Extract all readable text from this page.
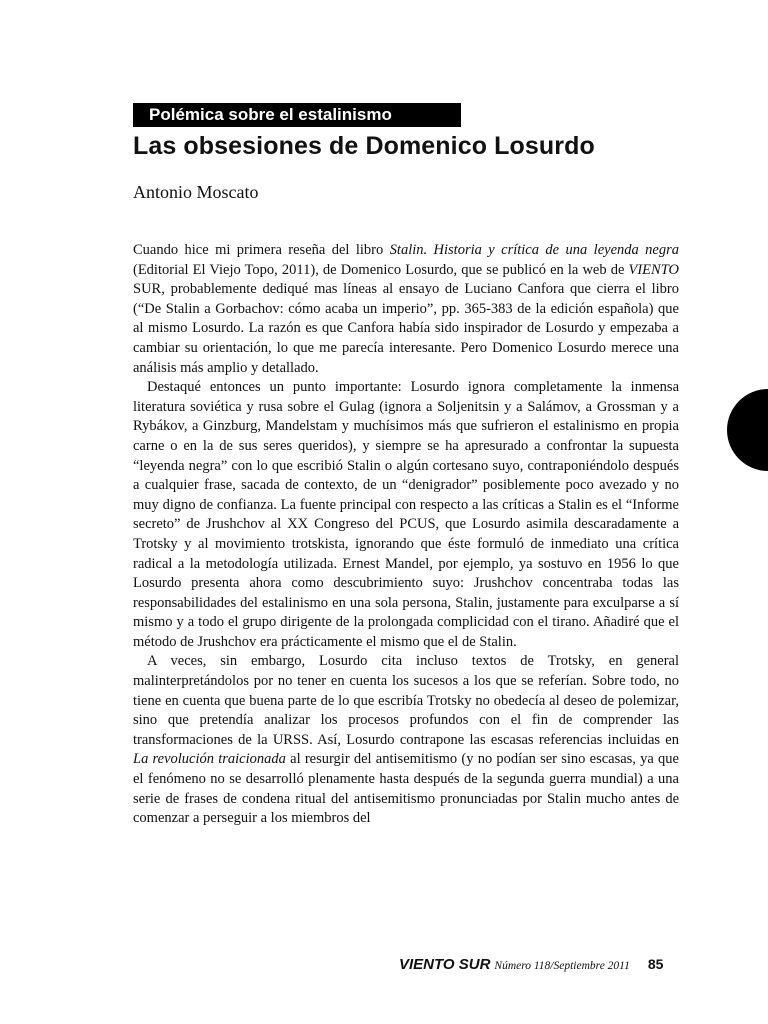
Polémica sobre el estalinismo
Las obsesiones de Domenico Losurdo
Antonio Moscato

Cuando hice mi primera reseña del libro Stalin. Historia y crítica de una leyenda negra (Editorial El Viejo Topo, 2011), de Domenico Losurdo, que se publicó en la web de VIENTO SUR, probablemente dediqué mas líneas al ensayo de Luciano Canfora que cierra el libro (“De Stalin a Gorbachov: cómo acaba un imperio”, pp. 365-383 de la edición española) que al mismo Losurdo. La razón es que Canfora había sido inspirador de Losurdo y empezaba a cambiar su orientación, lo que me parecía interesante. Pero Domenico Losurdo merece una análisis más amplio y detallado.

Destaqué entonces un punto importante: Losurdo ignora completamente la inmensa literatura soviética y rusa sobre el Gulag (ignora a Soljenitsin y a Salámov, a Grossman y a Rybákov, a Ginzburg, Mandelstam y muchísimos más que sufrieron el estalinismo en propia carne o en la de sus seres queridos), y siempre se ha apresurado a confrontar la supuesta “leyenda negra” con lo que escribió Stalin o algún cortesano suyo, contraponiéndolo después a cualquier frase, sacada de contexto, de un “denigrador” posiblemente poco avezado y no muy digno de confianza. La fuente principal con respecto a las críticas a Stalin es el “Informe secreto” de Jrushchov al XX Congreso del PCUS, que Losurdo asimila descaradamente a Trotsky y al movimiento trotskista, ignorando que éste formuló de inmediato una crítica radical a la metodología utilizada. Ernest Mandel, por ejemplo, ya sostuvo en 1956 lo que Losurdo presenta ahora como descubrimiento suyo: Jrushchov concentraba todas las responsabilidades del estalinismo en una sola persona, Stalin, justamente para exculparse a sí mismo y a todo el grupo dirigente de la prolongada complicidad con el tirano. Añadiré que el método de Jrushchov era prácticamente el mismo que el de Stalin.

A veces, sin embargo, Losurdo cita incluso textos de Trotsky, en general malinterpretándolos por no tener en cuenta los sucesos a los que se referían. Sobre todo, no tiene en cuenta que buena parte de lo que escribía Trotsky no obedecía al deseo de polemizar, sino que pretendía analizar los procesos profundos con el fin de comprender las transformaciones de la URSS. Así, Losurdo contrapone las escasas referencias incluidas en La revolución traicionada al resurgir del antisemitismo (y no podían ser sino escasas, ya que el fenómeno no se desarrolló plenamente hasta después de la segunda guerra mundial) a una serie de frases de condena ritual del antisemitismo pronunciadas por Stalin mucho antes de comenzar a perseguir a los miembros del

VIENTO SUR Número 118/Septiembre 2011 85
